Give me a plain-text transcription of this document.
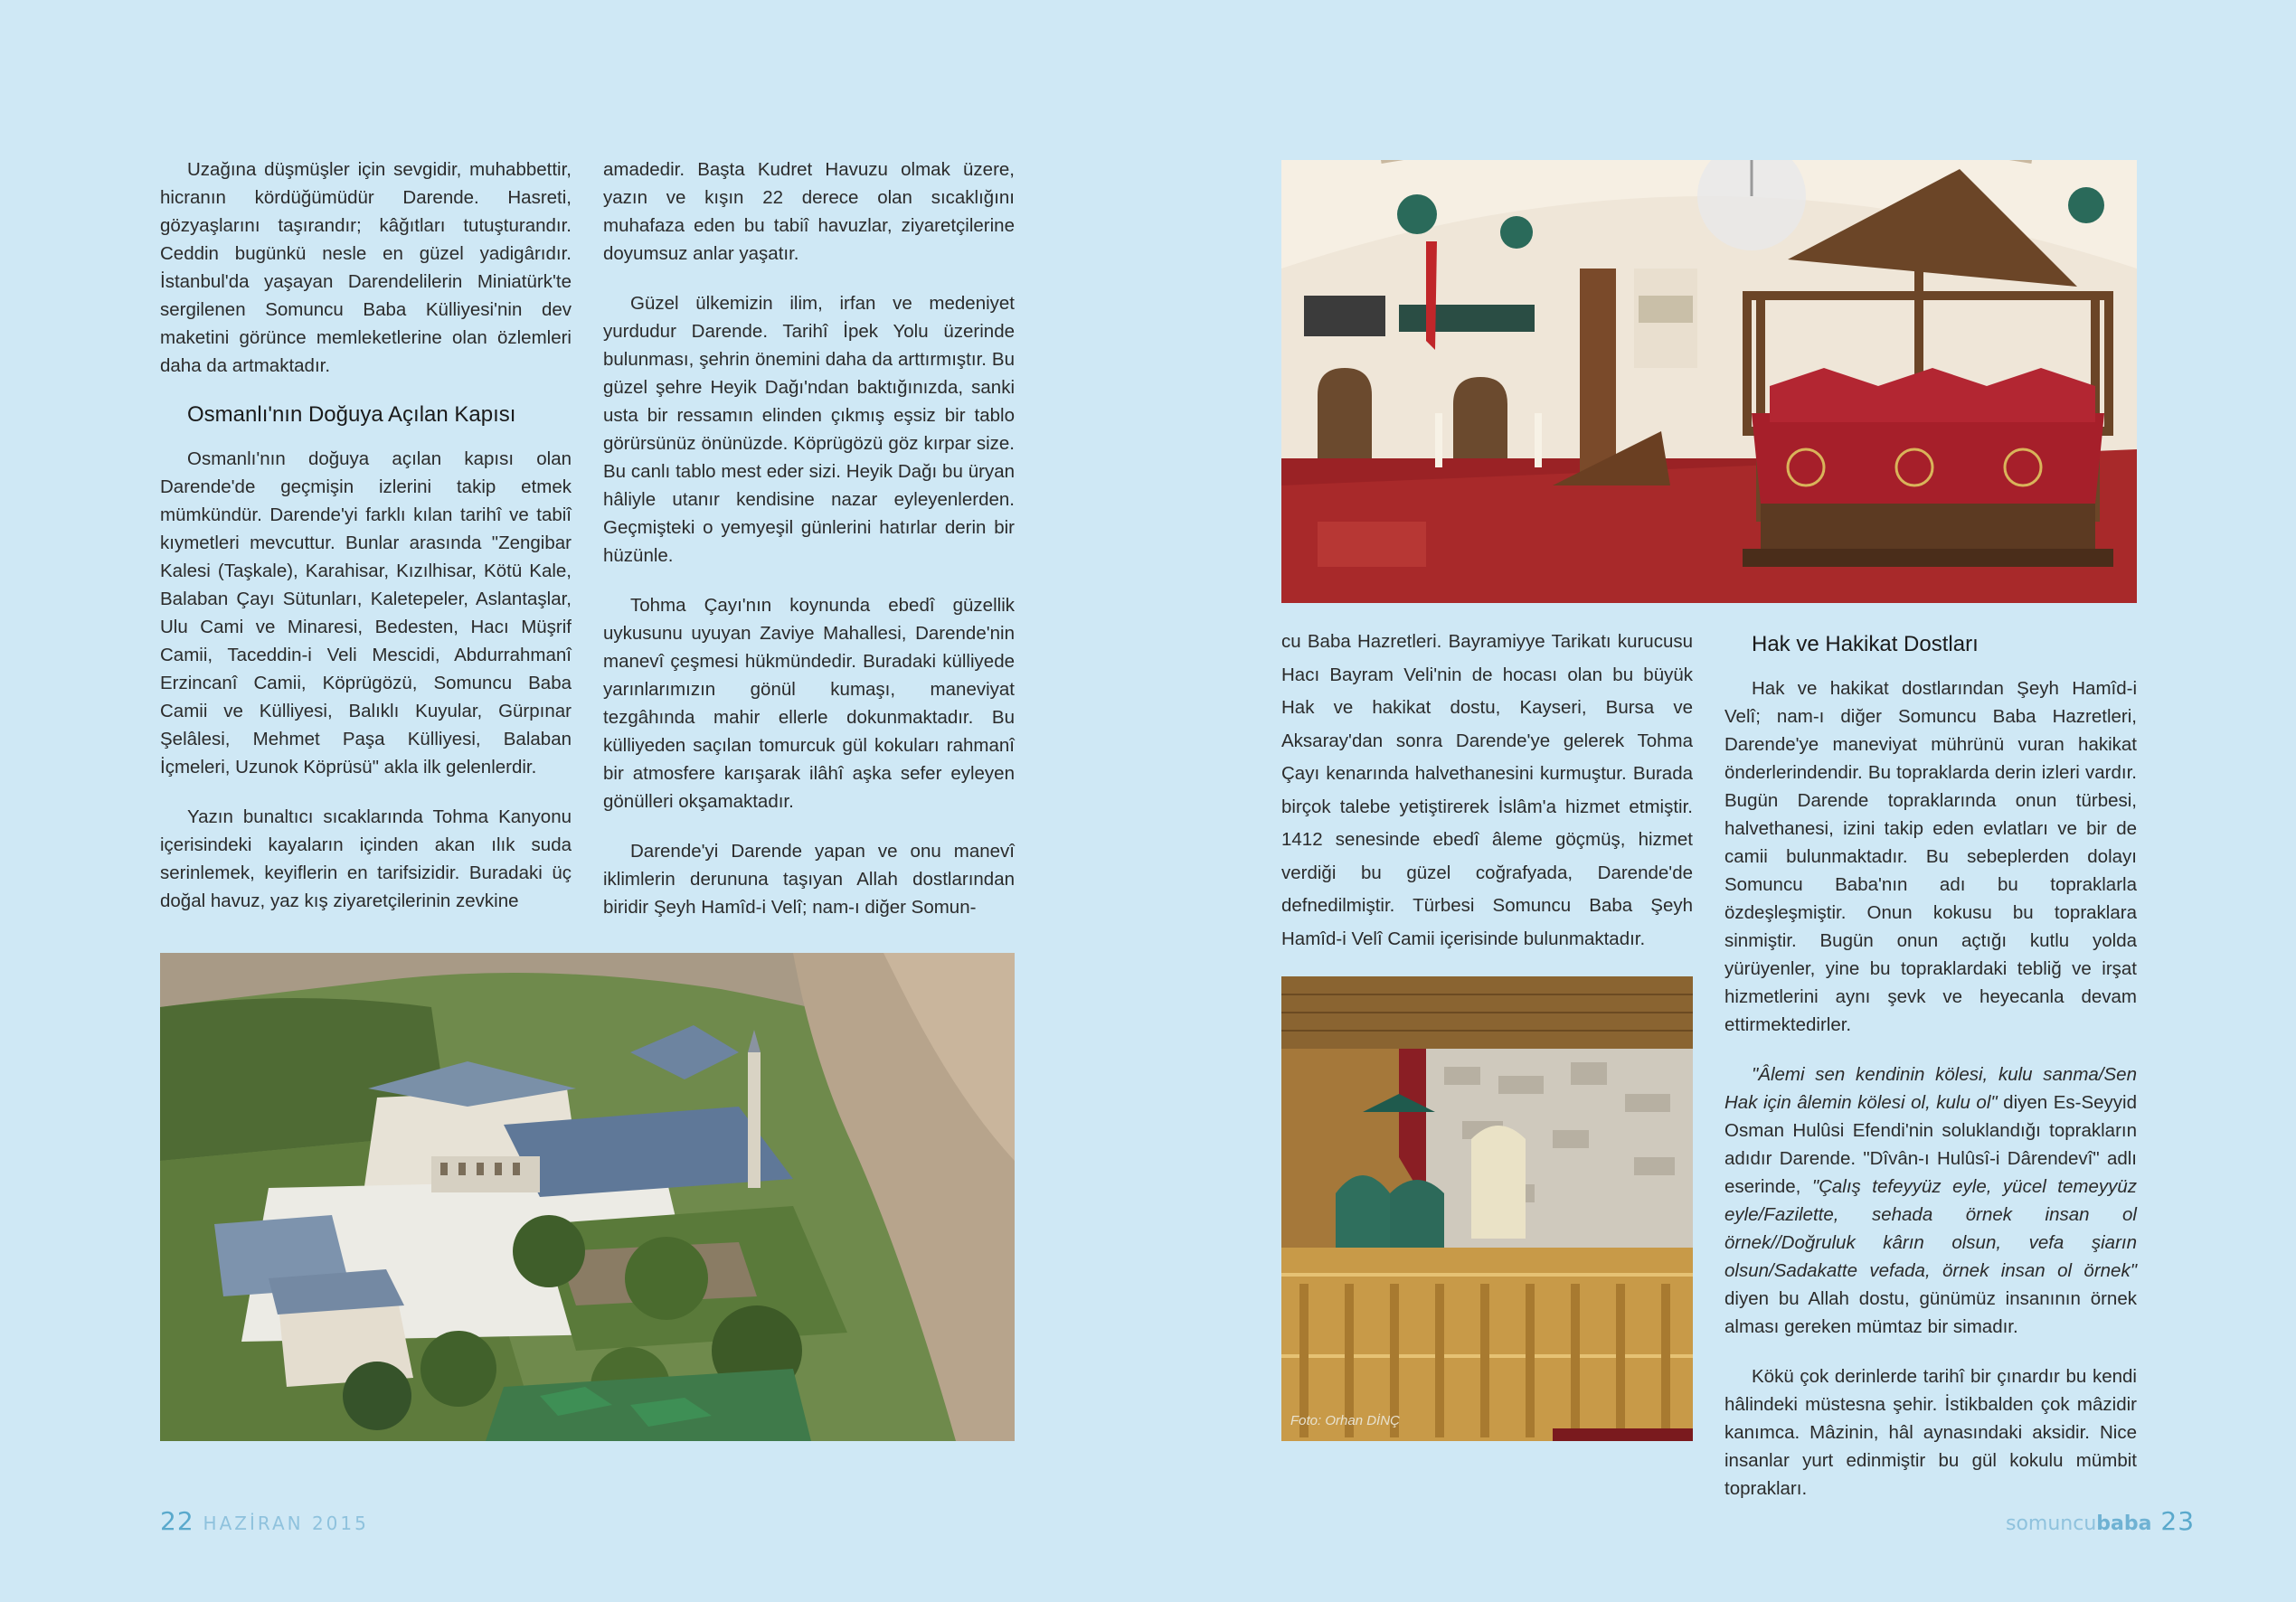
Uzağına düşmüşler için sevgidir, muhabbettir, hicranın kördüğümüdür Darende. Hasreti, gözyaşlarını taşırandır; kâğıtları tutuşturandır. Ceddin bugünkü nesle en güzel yadigârıdır. İstanbul'da yaşayan Darendelilerin Miniatürk'te sergilenen Somuncu Baba Külliyesi'nin dev maketini görünce memleketlerine olan özlemleri daha da artmaktadır.

Osmanlı'nın Doğuya Açılan Kapısı

Osmanlı'nın doğuya açılan kapısı olan Darende'de geçmişin izlerini takip etmek mümkündür. Darende'yi farklı kılan tarihî ve tabiî kıymetleri mevcuttur. Bunlar arasında "Zengibar Kalesi (Taşkale), Karahisar, Kızılhisar, Kötü Kale, Balaban Çayı Sütunları, Kaletepeler, Aslantaşlar, Ulu Cami ve Minaresi, Bedesten, Hacı Müşrif Camii, Taceddin-i Veli Mescidi, Abdurrahmanî Erzincanî Camii, Köprügözü, Somuncu Baba Camii ve Külliyesi, Balıklı Kuyular, Gürpınar Şelâlesi, Mehmet Paşa Külliyesi, Balaban İçmeleri, Uzunok Köprüsü" akla ilk gelenlerdir.

Yazın bunaltıcı sıcaklarında Tohma Kanyonu içerisindeki kayaların içinden akan ılık suda serinlemek, keyiflerin en tarifsizidir. Buradaki üç doğal havuz, yaz kış ziyaretçilerinin zevkine

amadedir. Başta Kudret Havuzu olmak üzere, yazın ve kışın 22 derece olan sıcaklığını muhafaza eden bu tabiî havuzlar, ziyaretçilerine doyumsuz anlar yaşatır.

Güzel ülkemizin ilim, irfan ve medeniyet yurdudur Darende. Tarihî İpek Yolu üzerinde bulunması, şehrin önemini daha da arttırmıştır. Bu güzel şehre Heyik Dağı'ndan baktığınızda, sanki usta bir ressamın elinden çıkmış eşsiz bir tablo görürsünüz önünüzde. Köprügözü göz kırpar size. Bu canlı tablo mest eder sizi. Heyik Dağı bu üryan hâliyle utanır kendisine nazar eyleyenlerden. Geçmişteki o yemyeşil günlerini hatırlar derin bir hüzünle.

Tohma Çayı'nın koynunda ebedî güzellik uykusunu uyuyan Zaviye Mahallesi, Darende'nin manevî çeşmesi hükmündedir. Buradaki külliyede yarınlarımızın gönül kumaşı, maneviyat tezgâhında mahir ellerle dokunmaktadır. Bu külliyeden saçılan tomurcuk gül kokuları rahmanî bir atmosfere karışarak ilâhî aşka sefer eyleyen gönülleri okşamaktadır.

Darende'yi Darende yapan ve onu manevî iklimlerin derununa taşıyan Allah dostlarından biridir Şeyh Hamîd-i Velî; nam-ı diğer Somun-

cu Baba Hazretleri. Bayramiyye Tarikatı kurucusu Hacı Bayram Veli'nin de hocası olan bu büyük Hak ve hakikat dostu, Kayseri, Bursa ve Aksaray'dan sonra Darende'ye gelerek Tohma Çayı kenarında halvethanesini kurmuştur. Burada birçok talebe yetiştirerek İslâm'a hizmet etmiştir. 1412 senesinde ebedî âleme göçmüş, hizmet verdiği bu güzel coğrafyada, Darende'de defnedilmiştir. Türbesi Somuncu Baba Şeyh Hamîd-i Velî Camii içerisinde bulunmaktadır.

Hak ve Hakikat Dostları

Hak ve hakikat dostlarından Şeyh Hamîd-i Velî; nam-ı diğer Somuncu Baba Hazretleri, Darende'ye maneviyat mührünü vuran hakikat önderlerindendir. Bu topraklarda derin izleri vardır. Bugün Darende topraklarında onun türbesi, halvethanesi, izini takip eden evlatları ve bir de camii bulunmaktadır. Bu sebeplerden dolayı Somuncu Baba'nın adı bu topraklarla özdeşleşmiştir. Onun kokusu bu topraklara sinmiştir. Bugün onun açtığı kutlu yolda yürüyenler, yine bu topraklardaki tebliğ ve irşat hizmetlerini aynı şevk ve heyecanla devam ettirmektedirler.

"Âlemi sen kendinin kölesi, kulu sanma/Sen Hak için âlemin kölesi ol, kulu ol" diyen Es-Seyyid Osman Hulûsi Efendi'nin soluklandığı toprakların adıdır Darende. "Dîvân-ı Hulûsî-i Dârendevî" adlı eserinde, "Çalış tefeyyüz eyle, yücel temeyyüz eyle/Fazilette, sehada örnek insan ol örnek//Doğruluk kârın olsun, vefa şiarın olsun/Sadakatte vefada, örnek insan ol örnek" diyen bu Allah dostu, günümüz insanının örnek alması gereken mümtaz bir simadır.

Kökü çok derinlerde tarihî bir çınardır bu kendi hâlindeki müstesna şehir. İstikbalden çok mâzidir kanımca. Mâzinin, hâl aynasındaki aksidir. Nice insanlar yurt edinmiştir bu gül kokulu mümbit toprakları.

Foto: Orhan DİNÇ
22 HAZİRAN 2015	somuncubaba 23
